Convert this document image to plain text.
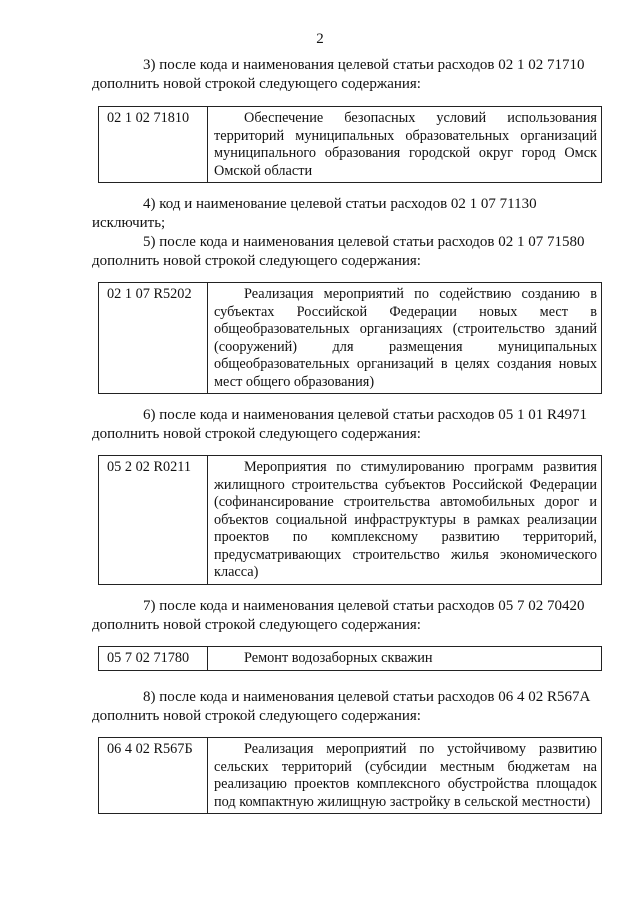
2
3) после кода и наименования целевой статьи расходов 02 1 02 71710
дополнить новой строкой следующего содержания:
02 1 02 71810	Обеспечение безопасных условий использования территорий муниципальных образовательных организаций муниципального образования городской округ город Омск Омской области
4) код и наименование целевой статьи расходов 02 1 07 71130
исключить;
5) после кода и наименования целевой статьи расходов 02 1 07 71580
дополнить новой строкой следующего содержания:
02 1 07 R5202	Реализация мероприятий по содействию созданию в субъектах Российской Федерации новых мест в общеобразовательных организациях (строительство зданий (сооружений) для размещения муниципальных общеобразовательных организаций в целях создания новых мест общего образования)
6) после кода и наименования целевой статьи расходов 05 1 01 R4971
дополнить новой строкой следующего содержания:
05 2 02 R0211	Мероприятия по стимулированию программ развития жилищного строительства субъектов Российской Федерации (софинансирование строительства автомобильных дорог и объектов социальной инфраструктуры в рамках реализации проектов по комплексному развитию территорий, предусматривающих строительство жилья экономического класса)
7) после кода и наименования целевой статьи расходов 05 7 02 70420
дополнить новой строкой следующего содержания:
05 7 02 71780	Ремонт водозаборных скважин
8) после кода и наименования целевой статьи расходов 06 4 02 R567A
дополнить новой строкой следующего содержания:
06 4 02 R567Б	Реализация мероприятий по устойчивому развитию сельских территорий (субсидии местным бюджетам на реализацию проектов комплексного обустройства площадок под компактную жилищную застройку в сельской местности)
